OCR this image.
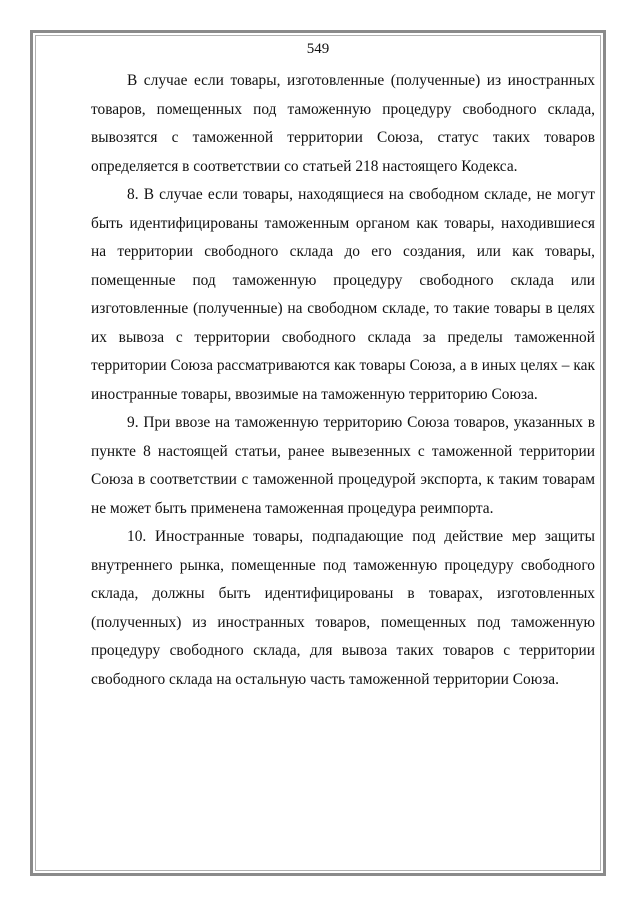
549

В случае если товары, изготовленные (полученные) из иностранных товаров, помещенных под таможенную процедуру свободного склада, вывозятся с таможенной территории Союза, статус таких товаров определяется в соответствии со статьей 218 настоящего Кодекса.

8. В случае если товары, находящиеся на свободном складе, не могут быть идентифицированы таможенным органом как товары, находившиеся на территории свободного склада до его создания, или как товары, помещенные под таможенную процедуру свободного склада или изготовленные (полученные) на свободном складе, то такие товары в целях их вывоза с территории свободного склада за пределы таможенной территории Союза рассматриваются как товары Союза, а в иных целях – как иностранные товары, ввозимые на таможенную территорию Союза.

9. При ввозе на таможенную территорию Союза товаров, указанных в пункте 8 настоящей статьи, ранее вывезенных с таможенной территории Союза в соответствии с таможенной процедурой экспорта, к таким товарам не может быть применена таможенная процедура реимпорта.

10. Иностранные товары, подпадающие под действие мер защиты внутреннего рынка, помещенные под таможенную процедуру свободного склада, должны быть идентифицированы в товарах, изготовленных (полученных) из иностранных товаров, помещенных под таможенную процедуру свободного склада, для вывоза таких товаров с территории свободного склада на остальную часть таможенной территории Союза.
